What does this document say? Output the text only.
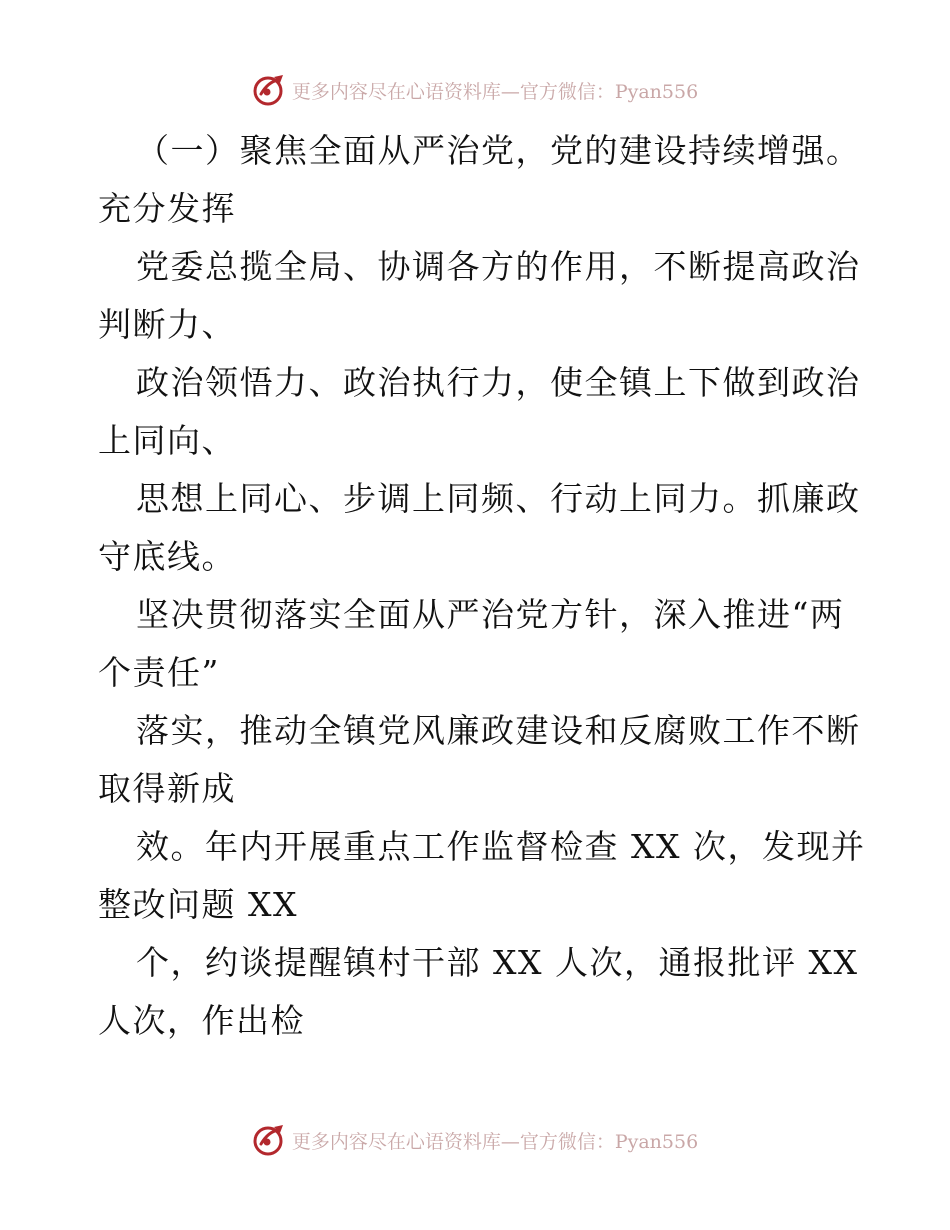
更多内容尽在心语资料库—官方微信：Pyan556
（一）聚焦全面从严治党，党的建设持续增强。
充分发挥
党委总揽全局、协调各方的作用，不断提高政治
判断力、
政治领悟力、政治执行力，使全镇上下做到政治
上同向、
思想上同心、步调上同频、行动上同力。抓廉政
守底线。
坚决贯彻落实全面从严治党方针，深入推进“两
个责任”
落实，推动全镇党风廉政建设和反腐败工作不断
取得新成
效。年内开展重点工作监督检查 XX 次，发现并
整改问题 XX
个，约谈提醒镇村干部 XX 人次，通报批评 XX
人次，作出检
更多内容尽在心语资料库—官方微信：Pyan556
